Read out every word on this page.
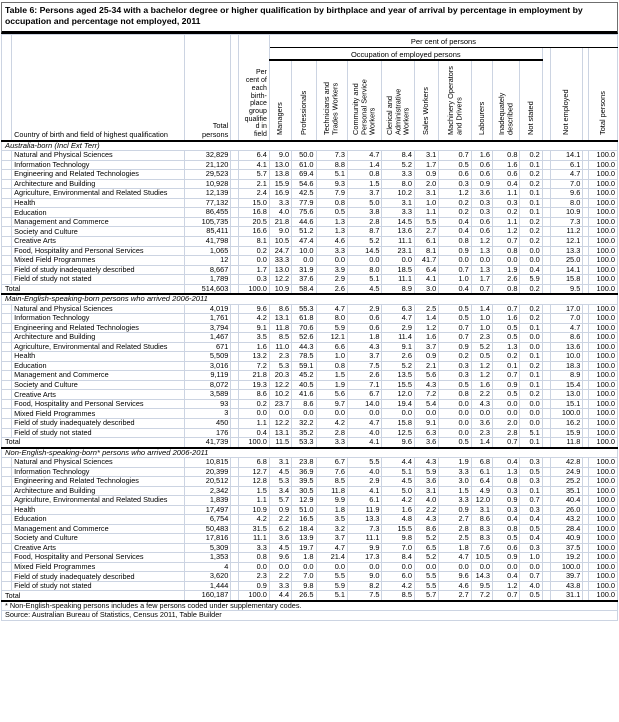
Table 6: Persons aged 25-34 with a bachelor degree or higher qualification by birthplace and year of arrival by percentage in employment by occupation and percentage not employed, 2011
	Country of birth and field of highest qualification	Total persons		Per cent of each birth-place group qualified in field	Per cent of persons													
					Occupation of employed persons											Not employed		Total persons
					Managers	Professionals	Technicians and Trades Workers	Community and Personal Service Workers	Clerical and Administrative Workers	Sales Workers	Machinery Operators and Drivers	Labourers	Inadequately described	Not stated				
Australia-born (Incl Ext Terr)																		
	Natural and Physical Sciences	32,829		6.4	9.0	50.0	7.3	4.7	8.4	3.1	0.7	1.6	0.8	0.2		14.1		100.0
	Information Technology	21,120		4.1	13.0	61.0	8.8	1.4	5.2	1.7	0.5	0.6	1.6	0.1		6.1		100.0
	Engineering and Related Technologies	29,523		5.7	13.8	69.4	5.1	0.8	3.3	0.9	0.6	0.6	0.6	0.2		4.7		100.0
	Architecture and Building	10,928		2.1	15.9	54.6	9.3	1.5	8.0	2.0	0.3	0.9	0.4	0.2		7.0		100.0
	Agriculture, Environmental and Related Studies	12,139		2.4	16.9	42.5	7.9	3.7	10.2	3.1	1.2	3.6	1.1	0.1		9.6		100.0
	Health	77,132		15.0	3.3	77.9	0.8	5.0	3.1	1.0	0.2	0.3	0.3	0.1		8.0		100.0
	Education	86,455		16.8	4.0	75.6	0.5	3.8	3.3	1.1	0.2	0.3	0.2	0.1		10.9		100.0
	Management and Commerce	105,735		20.5	21.8	44.6	1.3	2.8	14.5	5.5	0.4	0.6	1.1	0.2		7.3		100.0
	Society and Culture	85,411		16.6	9.0	51.2	1.3	8.7	13.6	2.7	0.4	0.6	1.2	0.2		11.2		100.0
	Creative Arts	41,798		8.1	10.5	47.4	4.6	5.2	11.1	6.1	0.8	1.2	0.7	0.2		12.1		100.0
	Food, Hospitality and Personal Services	1,065		0.2	24.7	10.0	3.3	14.5	23.1	8.1	0.9	1.3	0.8	0.0		13.3		100.0
	Mixed Field Programmes	12		0.0	33.3	0.0	0.0	0.0	0.0	41.7	0.0	0.0	0.0	0.0		25.0		100.0
	Field of study inadequately described	8,667		1.7	13.0	31.9	3.9	8.0	18.5	6.4	0.7	1.3	1.9	0.4		14.1		100.0
	Field of study not stated	1,789		0.3	12.2	37.6	2.9	5.1	11.1	4.1	1.0	1.7	2.6	5.9		15.8		100.0
Total		514,603		100.0	10.9	58.4	2.6	4.5	8.9	3.0	0.4	0.7	0.8	0.2		9.5		100.0
Main-English-speaking-born persons who arrived 2006-2011																		
	Natural and Physical Sciences	4,019		9.6	8.6	55.3	4.7	2.9	6.3	2.5	0.5	1.4	0.7	0.2		17.0		100.0
	Information Technology	1,761		4.2	13.1	61.8	8.0	0.6	4.7	1.4	0.5	1.0	1.6	0.2		7.0		100.0
	Engineering and Related Technologies	3,794		9.1	11.8	70.6	5.9	0.6	2.9	1.2	0.7	1.0	0.5	0.1		4.7		100.0
	Architecture and Building	1,467		3.5	8.5	52.6	12.1	1.8	11.4	1.6	0.7	2.3	0.5	0.0		8.6		100.0
	Agriculture, Environmental and Related Studies	671		1.6	11.0	44.3	6.6	4.3	9.1	3.7	0.9	5.2	1.3	0.0		13.6		100.0
	Health	5,509		13.2	2.3	78.5	1.0	3.7	2.6	0.9	0.2	0.5	0.2	0.1		10.0		100.0
	Education	3,016		7.2	5.3	59.1	0.8	7.5	5.2	2.1	0.3	1.2	0.1	0.2		18.3		100.0
	Management and Commerce	9,119		21.8	20.3	45.2	1.5	2.6	13.5	5.6	0.3	1.2	0.7	0.1		8.9		100.0
	Society and Culture	8,072		19.3	12.2	40.5	1.9	7.1	15.5	4.3	0.5	1.6	0.9	0.1		15.4		100.0
	Creative Arts	3,589		8.6	10.2	41.6	5.6	6.7	12.0	7.2	0.8	2.2	0.5	0.2		13.0		100.0
	Food, Hospitality and Personal Services	93		0.2	23.7	8.6	9.7	14.0	19.4	5.4	0.0	4.3	0.0	0.0		15.1		100.0
	Mixed Field Programmes	3		0.0	0.0	0.0	0.0	0.0	0.0	0.0	0.0	0.0	0.0	0.0		100.0		100.0
	Field of study inadequately described	450		1.1	12.2	32.2	4.2	4.7	15.8	9.1	0.0	3.6	2.0	0.0		16.2		100.0
	Field of study not stated	176		0.4	13.1	35.2	2.8	4.0	12.5	6.3	0.0	2.3	2.8	5.1		15.9		100.0
Total		41,739		100.0	11.5	53.3	3.3	4.1	9.6	3.6	0.5	1.4	0.7	0.1		11.8		100.0
Non-English-speaking-born* persons who arrived 2006-2011																		
	Natural and Physical Sciences	10,815		6.8	3.1	23.8	6.7	5.5	4.4	4.3	1.9	6.8	0.4	0.3		42.8		100.0
	Information Technology	20,399		12.7	4.5	36.9	7.6	4.0	5.1	5.9	3.3	6.1	1.3	0.5		24.9		100.0
	Engineering and Related Technologies	20,512		12.8	5.3	39.5	8.5	2.9	4.5	3.6	3.0	6.4	0.8	0.3		25.2		100.0
	Architecture and Building	2,342		1.5	3.4	30.5	11.8	4.1	5.0	3.1	1.5	4.9	0.3	0.1		35.1		100.0
	Agriculture, Environmental and Related Studies	1,839		1.1	5.7	12.9	9.9	6.1	4.2	4.0	3.3	12.0	0.9	0.7		40.4		100.0
	Health	17,497		10.9	0.9	51.0	1.8	11.9	1.6	2.2	0.9	3.1	0.3	0.3		26.0		100.0
	Education	6,754		4.2	2.2	16.5	3.5	13.3	4.8	4.3	2.7	8.6	0.4	0.4		43.2		100.0
	Management and Commerce	50,483		31.5	6.2	18.4	3.2	7.3	15.5	8.6	2.8	8.3	0.8	0.5		28.4		100.0
	Society and Culture	17,816		11.1	3.6	13.9	3.7	11.1	9.8	5.2	2.5	8.3	0.5	0.4		40.9		100.0
	Creative Arts	5,309		3.3	4.5	19.7	4.7	9.9	7.0	6.5	1.8	7.6	0.6	0.3		37.5		100.0
	Food, Hospitality and Personal Services	1,353		0.8	9.6	1.8	21.4	17.3	8.4	5.2	4.7	10.5	0.9	1.0		19.2		100.0
	Mixed Field Programmes	4		0.0	0.0	0.0	0.0	0.0	0.0	0.0	0.0	0.0	0.0	0.0		100.0		100.0
	Field of study inadequately described	3,620		2.3	2.2	7.0	5.5	9.0	6.0	5.5	9.6	14.3	0.4	0.7		39.7		100.0
	Field of study not stated	1,444		0.9	3.3	9.8	5.9	8.2	4.2	5.5	4.6	9.5	1.2	4.0		43.8		100.0
Total		160,187		100.0	4.4	26.5	5.1	7.5	8.5	5.7	2.7	7.2	0.7	0.5		31.1		100.0
* Non-English-speaking persons includes a few persons coded under supplementary codes.																		
Source: Australian Bureau of Statistics, Census 2011, Table Builder																		
